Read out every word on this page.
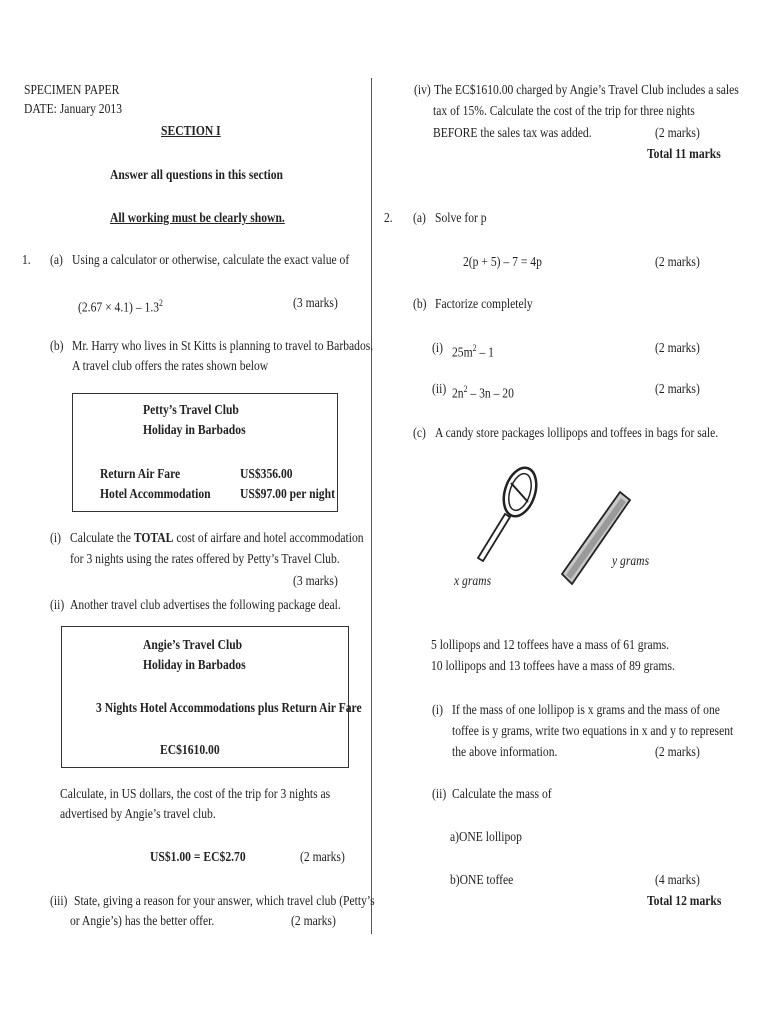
SPECIMEN PAPER
DATE: January 2013
SECTION I
Answer all questions in this section
All working must be clearly shown.
1. (a) Using a calculator or otherwise, calculate the exact value of
$(2.67 \times 4.1) - 1.3^2$	(3 marks)
(b) Mr. Harry who lives in St Kitts is planning to travel to Barbados.
A travel club offers the rates shown below
Petty’s Travel Club
Holiday in Barbados
Return Air Fare	US$356.00
Hotel Accommodation US$97.00 per night
(i) Calculate the TOTAL cost of airfare and hotel accommodation
for 3 nights using the rates offered by Petty’s Travel Club.
(3 marks)
(ii) Another travel club advertises the following package deal.
Angie’s Travel Club
Holiday in Barbados
3 Nights Hotel Accommodations plus Return Air Fare
EC$1610.00
Calculate, in US dollars, the cost of the trip for 3 nights as
advertised by Angie’s travel club.
US$1.00 = EC$2.70	(2 marks)
(iii) State, giving a reason for your answer, which travel club (Petty’s
or Angie’s) has the better offer.	(2 marks)
(iv) The EC$1610.00 charged by Angie’s Travel Club includes a sales
tax of 15%. Calculate the cost of the trip for three nights
BEFORE the sales tax was added.	(2 marks)
Total 11 marks
2. (a) Solve for p
2(p + 5) – 7 = 4p	(2 marks)
(b) Factorize completely
(i) $25m^2 - 1$	(2 marks)
(ii) $2n^2 - 3n - 20$	(2 marks)
(c) A candy store packages lollipops and toffees in bags for sale.
x grams
y grams
5 lollipops and 12 toffees have a mass of 61 grams.
10 lollipops and 13 toffees have a mass of 89 grams.
(i) If the mass of one lollipop is x grams and the mass of one
toffee is y grams, write two equations in x and y to represent
the above information.	(2 marks)
(ii) Calculate the mass of
a)ONE lollipop
b)ONE toffee	(4 marks)
Total 12 marks
